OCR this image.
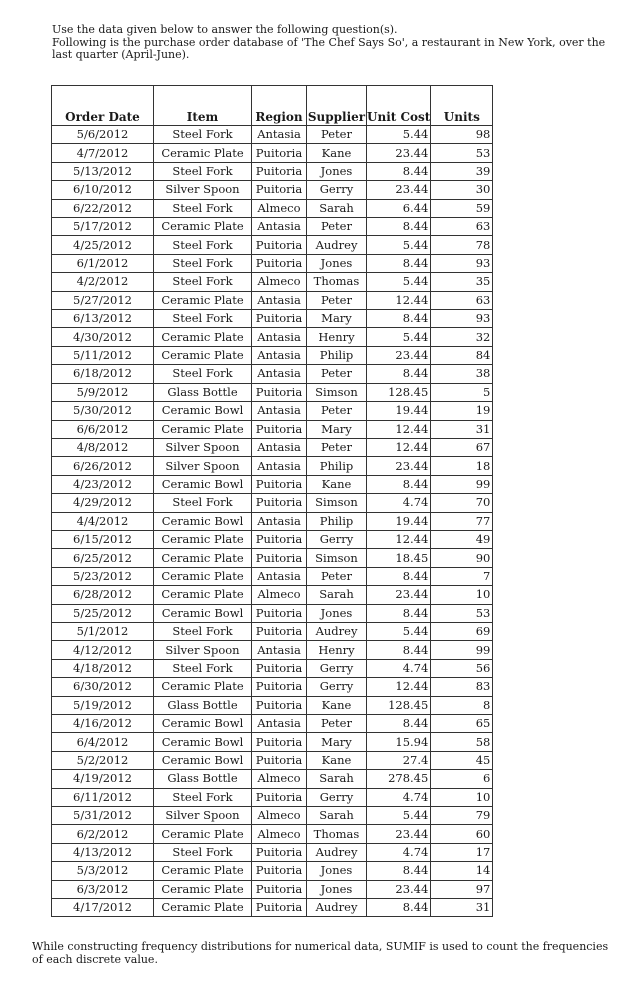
Use the data given below to answer the following question(s).

Following is the purchase order database of 'The Chef Says So', a restaurant in New York, over the last quarter (April-June).

Order Date	Item	Region	Supplier	Unit Cost	Units
5/6/2012	Steel Fork	Antasia	Peter	5.44	98
4/7/2012	Ceramic Plate	Puitoria	Kane	23.44	53
5/13/2012	Steel Fork	Puitoria	Jones	8.44	39
6/10/2012	Silver Spoon	Puitoria	Gerry	23.44	30
6/22/2012	Steel Fork	Almeco	Sarah	6.44	59
5/17/2012	Ceramic Plate	Antasia	Peter	8.44	63
4/25/2012	Steel Fork	Puitoria	Audrey	5.44	78
6/1/2012	Steel Fork	Puitoria	Jones	8.44	93
4/2/2012	Steel Fork	Almeco	Thomas	5.44	35
5/27/2012	Ceramic Plate	Antasia	Peter	12.44	63
6/13/2012	Steel Fork	Puitoria	Mary	8.44	93
4/30/2012	Ceramic Plate	Antasia	Henry	5.44	32
5/11/2012	Ceramic Plate	Antasia	Philip	23.44	84
6/18/2012	Steel Fork	Antasia	Peter	8.44	38
5/9/2012	Glass Bottle	Puitoria	Simson	128.45	5
5/30/2012	Ceramic Bowl	Antasia	Peter	19.44	19
6/6/2012	Ceramic Plate	Puitoria	Mary	12.44	31
4/8/2012	Silver Spoon	Antasia	Peter	12.44	67
6/26/2012	Silver Spoon	Antasia	Philip	23.44	18
4/23/2012	Ceramic Bowl	Puitoria	Kane	8.44	99
4/29/2012	Steel Fork	Puitoria	Simson	4.74	70
4/4/2012	Ceramic Bowl	Antasia	Philip	19.44	77
6/15/2012	Ceramic Plate	Puitoria	Gerry	12.44	49
6/25/2012	Ceramic Plate	Puitoria	Simson	18.45	90
5/23/2012	Ceramic Plate	Antasia	Peter	8.44	7
6/28/2012	Ceramic Plate	Almeco	Sarah	23.44	10
5/25/2012	Ceramic Bowl	Puitoria	Jones	8.44	53
5/1/2012	Steel Fork	Puitoria	Audrey	5.44	69
4/12/2012	Silver Spoon	Antasia	Henry	8.44	99
4/18/2012	Steel Fork	Puitoria	Gerry	4.74	56
6/30/2012	Ceramic Plate	Puitoria	Gerry	12.44	83
5/19/2012	Glass Bottle	Puitoria	Kane	128.45	8
4/16/2012	Ceramic Bowl	Antasia	Peter	8.44	65
6/4/2012	Ceramic Bowl	Puitoria	Mary	15.94	58
5/2/2012	Ceramic Bowl	Puitoria	Kane	27.4	45
4/19/2012	Glass Bottle	Almeco	Sarah	278.45	6
6/11/2012	Steel Fork	Puitoria	Gerry	4.74	10
5/31/2012	Silver Spoon	Almeco	Sarah	5.44	79
6/2/2012	Ceramic Plate	Almeco	Thomas	23.44	60
4/13/2012	Steel Fork	Puitoria	Audrey	4.74	17
5/3/2012	Ceramic Plate	Puitoria	Jones	8.44	14
6/3/2012	Ceramic Plate	Puitoria	Jones	23.44	97
4/17/2012	Ceramic Plate	Puitoria	Audrey	8.44	31

While constructing frequency distributions for numerical data, SUMIF is used to count the frequencies of each discrete value.
